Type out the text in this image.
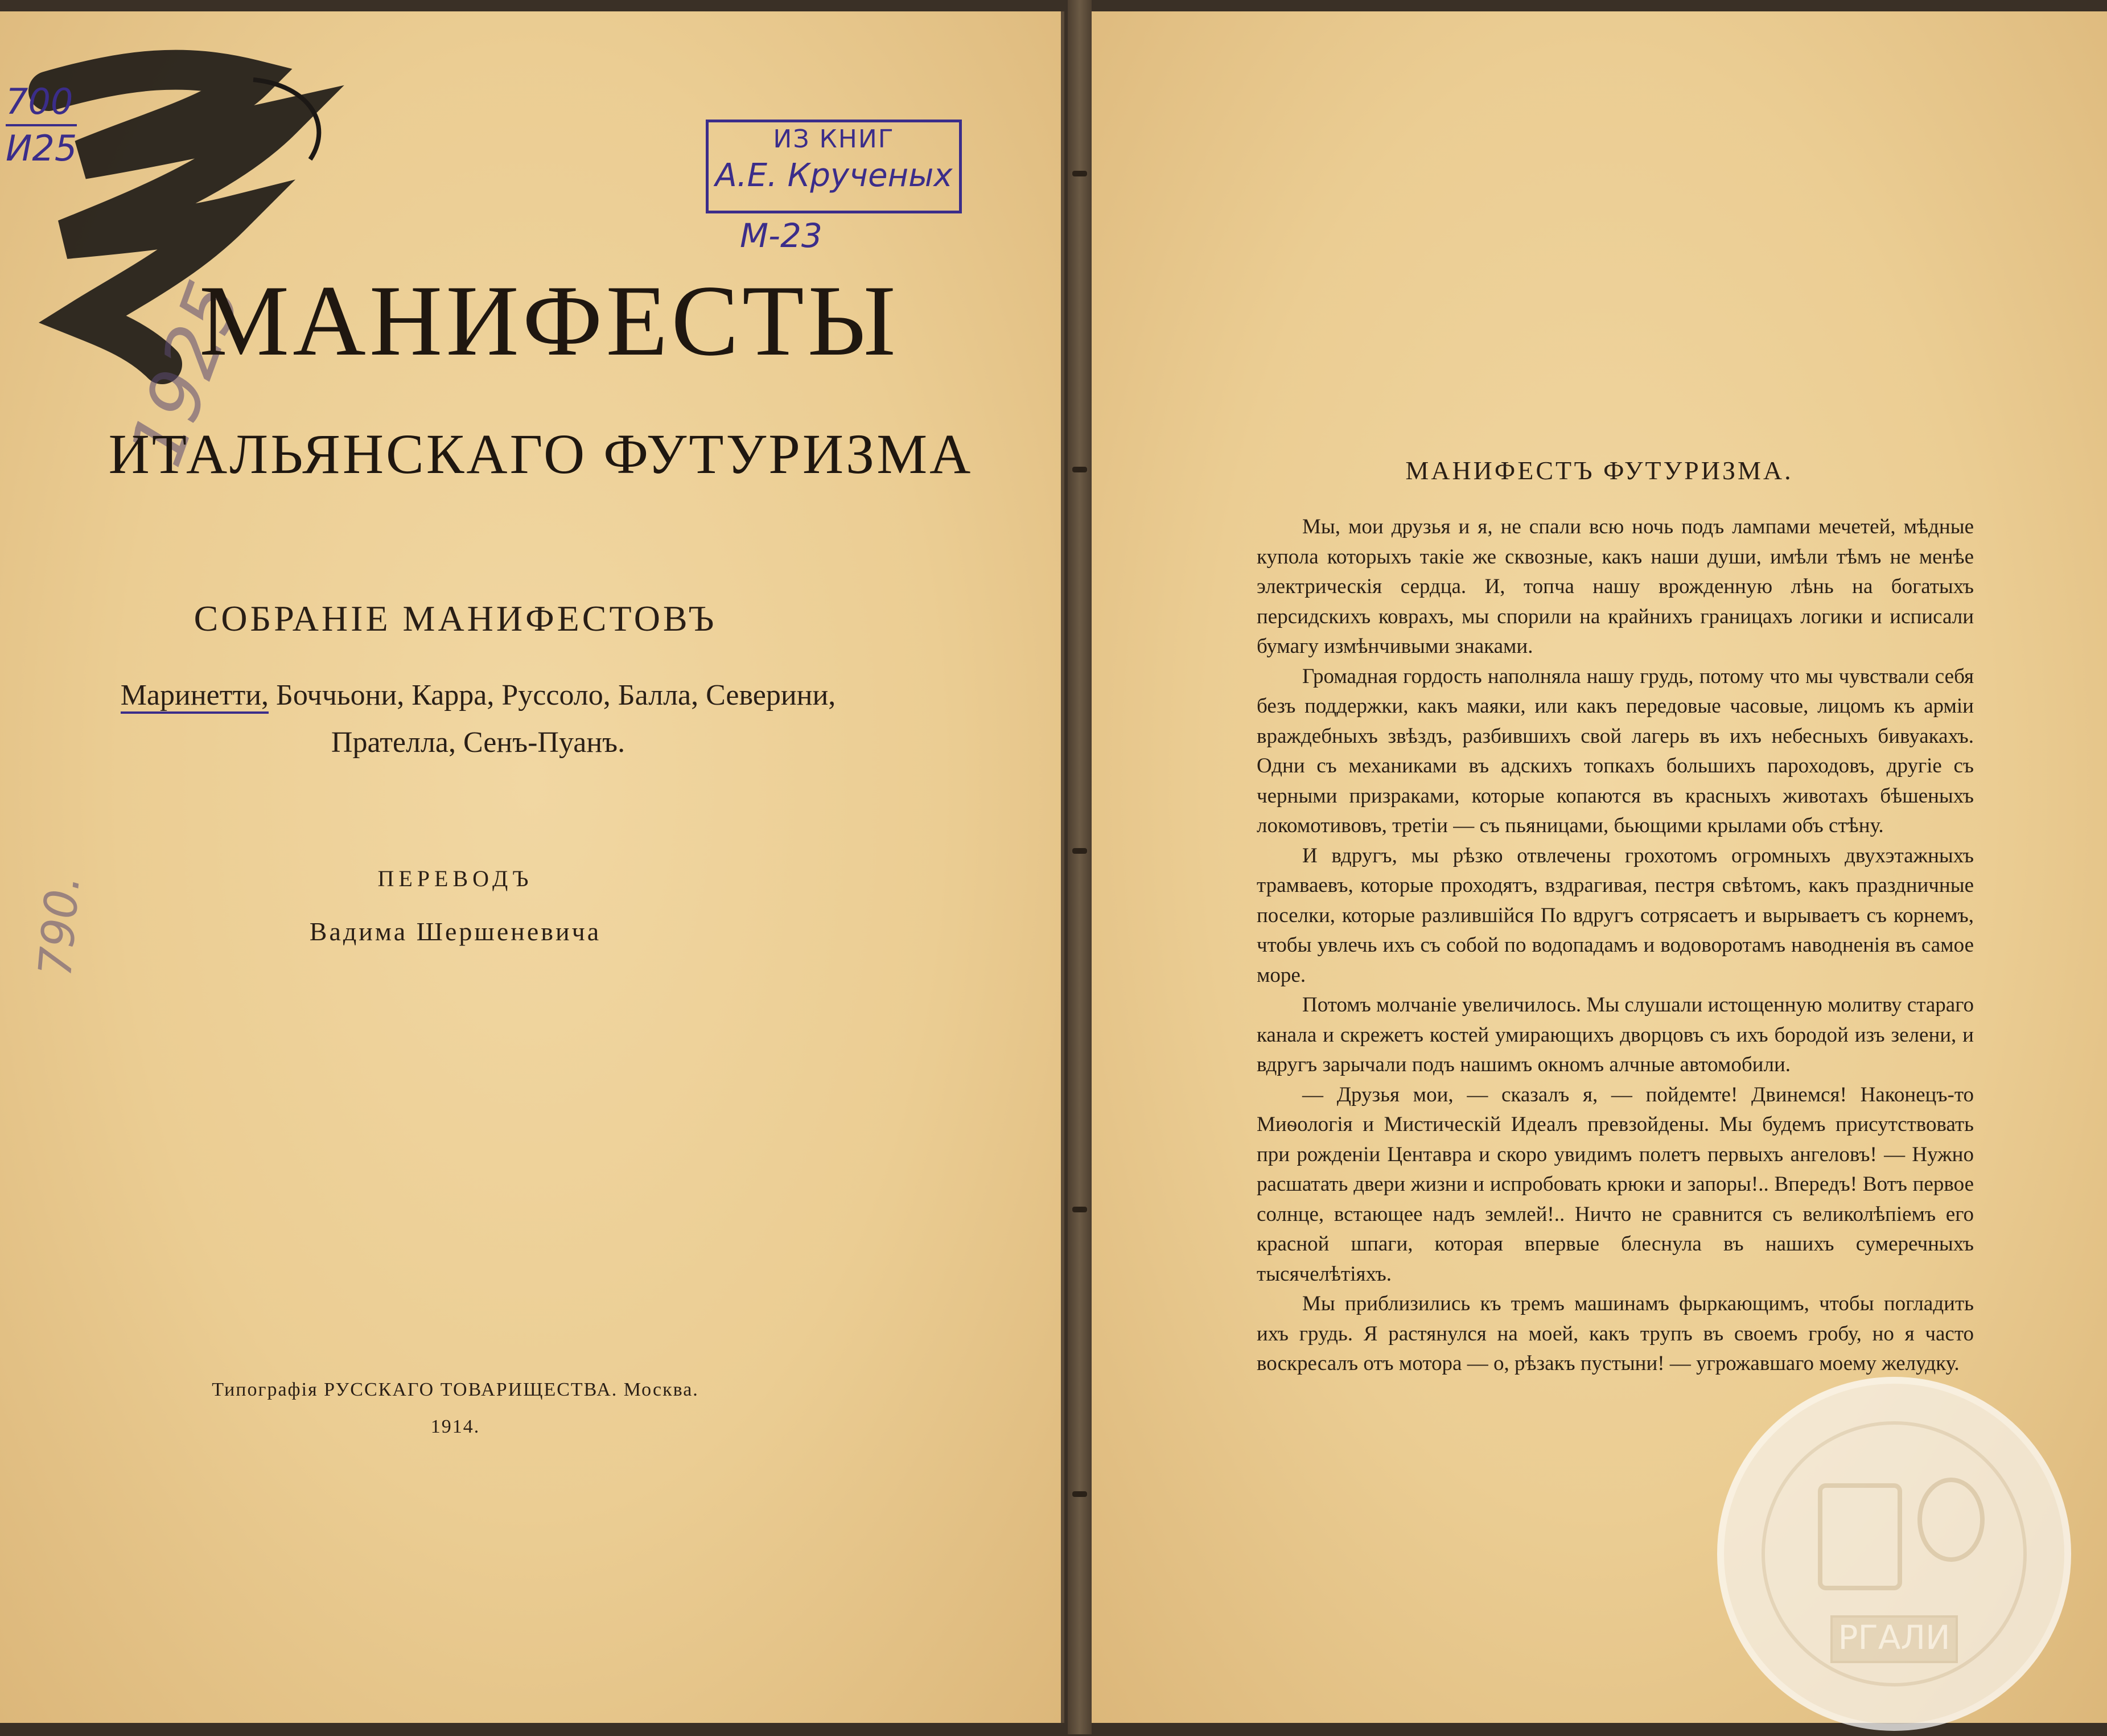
700
И25
1925
790.
ИЗ КНИГ
А.Е. Крученых
М-23
МАНИФЕСТЫ
ИТАЛЬЯНСКАГО ФУТУРИЗМА
СОБРАНІЕ МАНИФЕСТОВЪ
Маринетти, Боччьони, Карра, Руссоло, Балла, Северини,
Прателла, Сенъ-Пуанъ.
ПЕРЕВОДЪ
Вадима Шершеневича
Типографія РУССКАГО ТОВАРИЩЕСТВА. Москва.
1914.
МАНИФЕСТЪ ФУТУРИЗМА.

Мы, мои друзья и я, не спали всю ночь подъ лампами мечетей, мѣдные купола которыхъ такіе же сквозные, какъ наши души, имѣли тѣмъ не менѣе электрическія сердца. И, топча нашу врожденную лѣнь на богатыхъ персидскихъ коврахъ, мы спорили на крайнихъ границахъ логики и исписали бумагу измѣнчивыми знаками.

Громадная гордость наполняла нашу грудь, потому что мы чувствали себя безъ поддержки, какъ маяки, или какъ передовые часовые, лицомъ къ арміи враждебныхъ звѣздъ, разбившихъ свой лагерь въ ихъ небесныхъ бивуакахъ. Одни съ механиками въ адскихъ топкахъ большихъ пароходовъ, другіе съ черными призраками, которые копаются въ красныхъ животахъ бѣшеныхъ локомотивовъ, третіи — съ пьяницами, бьющими крылами объ стѣну.

И вдругъ, мы рѣзко отвлечены грохотомъ огромныхъ двухэтажныхъ трамваевъ, которые проходятъ, вздрагивая, пестря свѣтомъ, какъ праздничные поселки, которые разлившійся По вдругъ сотрясаетъ и вырываетъ съ корнемъ, чтобы увлечь ихъ съ собой по водопадамъ и водоворотамъ наводненія въ самое море.

Потомъ молчаніе увеличилось. Мы слушали истощенную молитву стараго канала и скрежетъ костей умирающихъ дворцовъ съ ихъ бородой изъ зелени, и вдругъ зарычали подъ нашимъ окномъ алчные автомобили.

— Друзья мои, — сказалъ я, — пойдемте! Двинемся! Наконецъ-то Миѳологія и Мистическій Идеалъ превзойдены. Мы будемъ присутствовать при рожденіи Центавра и скоро увидимъ полетъ первыхъ ангеловъ! — Нужно расшатать двери жизни и испробовать крюки и запоры!.. Впередъ! Вотъ первое солнце, встающее надъ землей!.. Ничто не сравнится съ великолѣпіемъ его красной шпаги, которая впервые блеснула въ нашихъ сумеречныхъ тысячелѣтіяхъ.

Мы приблизились къ тремъ машинамъ фыркающимъ, чтобы погладить ихъ грудь. Я растянулся на моей, какъ трупъ въ своемъ гробу, но я часто воскресалъ отъ мотора — о, рѣзакъ пустыни! — угрожавшаго моему желудку.

РГАЛИ
